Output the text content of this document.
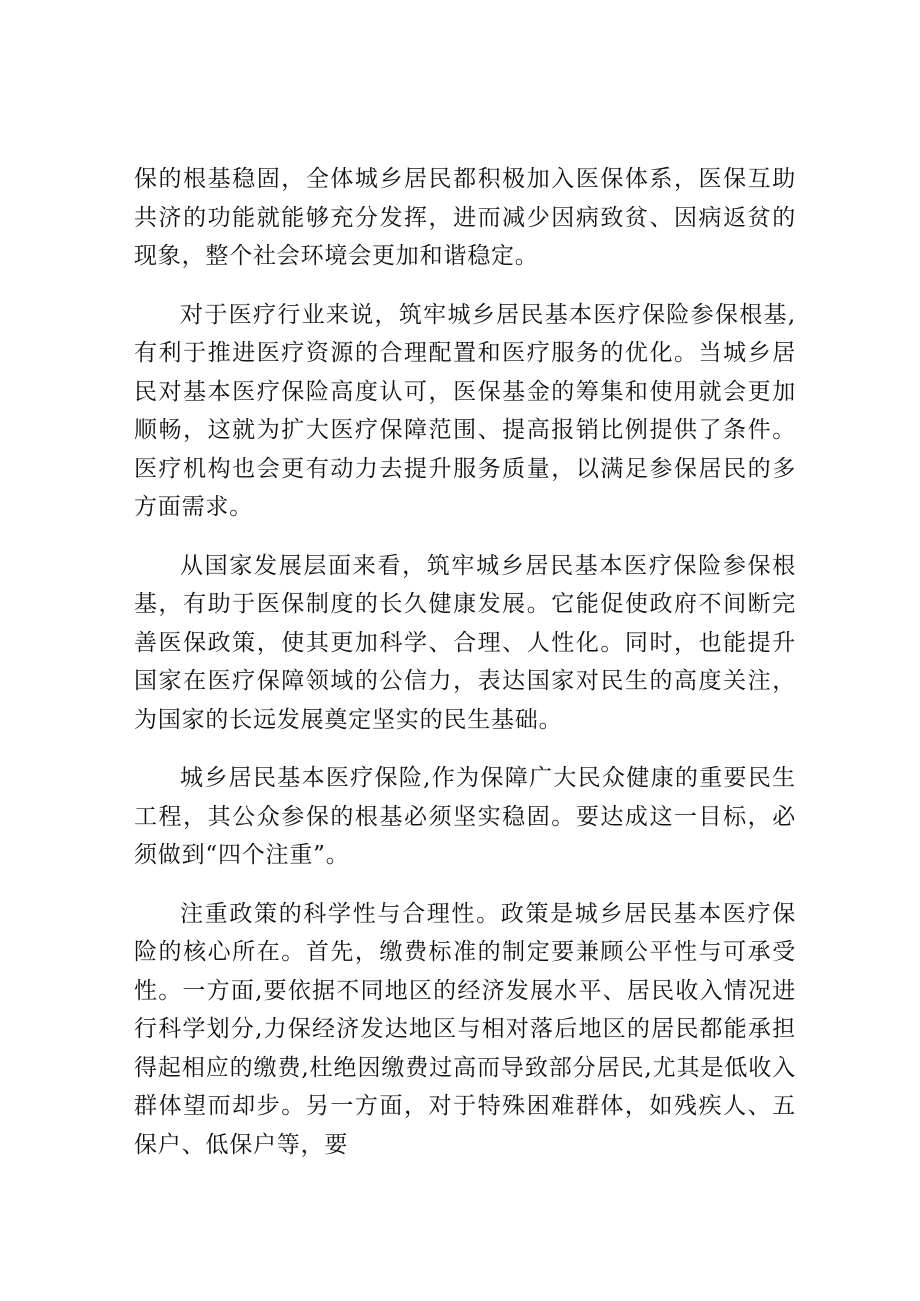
保的根基稳固，全体城乡居民都积极加入医保体系，医保互助共济的功能就能够充分发挥，进而减少因病致贫、因病返贫的现象，整个社会环境会更加和谐稳定。

对于医疗行业来说，筑牢城乡居民基本医疗保险参保根基,有利于推进医疗资源的合理配置和医疗服务的优化。当城乡居民对基本医疗保险高度认可，医保基金的筹集和使用就会更加顺畅，这就为扩大医疗保障范围、提高报销比例提供了条件。医疗机构也会更有动力去提升服务质量，以满足参保居民的多方面需求。

从国家发展层面来看，筑牢城乡居民基本医疗保险参保根基，有助于医保制度的长久健康发展。它能促使政府不间断完善医保政策，使其更加科学、合理、人性化。同时，也能提升国家在医疗保障领域的公信力，表达国家对民生的高度关注，为国家的长远发展奠定坚实的民生基础。

城乡居民基本医疗保险,作为保障广大民众健康的重要民生工程，其公众参保的根基必须坚实稳固。要达成这一目标，必须做到“四个注重”。

注重政策的科学性与合理性。政策是城乡居民基本医疗保险的核心所在。首先，缴费标准的制定要兼顾公平性与可承受性。一方面,要依据不同地区的经济发展水平、居民收入情况进行科学划分,力保经济发达地区与相对落后地区的居民都能承担得起相应的缴费,杜绝因缴费过高而导致部分居民,尤其是低收入群体望而却步。另一方面，对于特殊困难群体，如残疾人、五保户、低保户等，要
